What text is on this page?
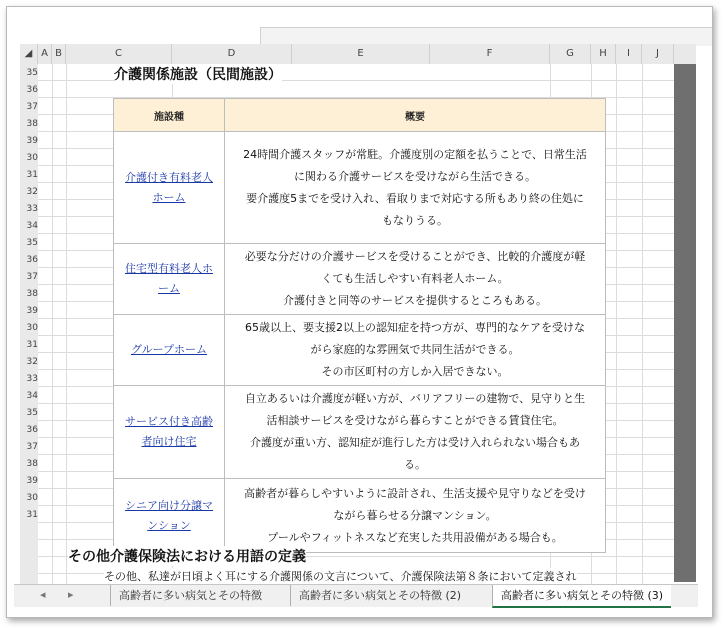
◢ A B	C	D	E	F	G	H	I	J
35
36
37
38
39
30
31
32
33
34
35
36
37
38
39
30
31
32
33
34
35
36
37
38
39
30
31
介護関係施設（民間施設）
施設種	概要
介護付き有料老人ホーム	24時間介護スタッフが常駐。介護度別の定額を払うことで、日常生活
に関わる介護サービスを受けながら生活できる。
要介護度5までを受け入れ、看取りまで対応する所もあり終の住処に
もなりうる。

住宅型有料老人ホーム	必要な分だけの介護サービスを受けることができ、比較的介護度が軽
くても生活しやすい有料老人ホーム。
介護付きと同等のサービスを提供するところもある。

グループホーム	65歳以上、要支援2以上の認知症を持つ方が、専門的なケアを受けな
がら家庭的な雰囲気で共同生活ができる。
その市区町村の方しか入居できない。

サービス付き高齢者向け住宅	自立あるいは介護度が軽い方が、バリアフリーの建物で、見守りと生
活相談サービスを受けながら暮らすことができる賃貸住宅。
介護度が重い方、認知症が進行した方は受け入れられない場合もあ
る。

シニア向け分譲マンション	高齢者が暮らしやすいように設計され、生活支援や見守りなどを受け
ながら暮らせる分譲マンション。
プールやフィットネスなど充実した共用設備がある場合も。
その他介護保険法における用語の定義
その他、私達が日頃よく耳にする介護関係の文言について、介護保険法第８条において定義され
◂ ▸	高齢者に多い病気とその特徴	高齢者に多い病気とその特徴 (2)	高齢者に多い病気とその特徴 (3)
